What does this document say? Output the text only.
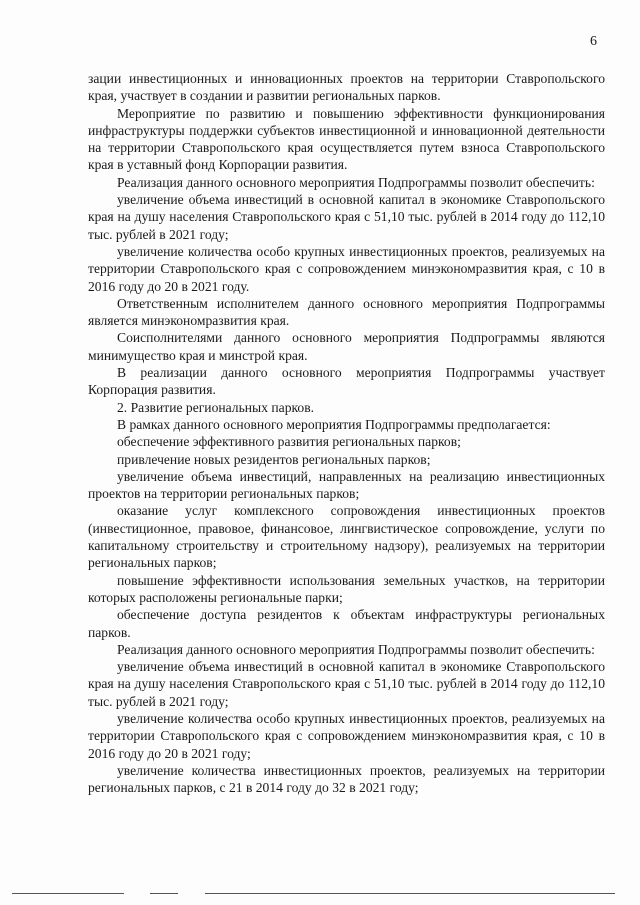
6

зации инвестиционных и инновационных проектов на территории Ставропольского края, участвует в создании и развитии региональных парков.

Мероприятие по развитию и повышению эффективности функционирования инфраструктуры поддержки субъектов инвестиционной и инновационной деятельности на территории Ставропольского края осуществляется путем взноса Ставропольского края в уставный фонд Корпорации развития.

Реализация данного основного мероприятия Подпрограммы позволит обеспечить:

увеличение объема инвестиций в основной капитал в экономике Ставропольского края на душу населения Ставропольского края с 51,10 тыс. рублей в 2014 году до 112,10 тыс. рублей в 2021 году;

увеличение количества особо крупных инвестиционных проектов, реализуемых на территории Ставропольского края с сопровождением минэкономразвития края, с 10 в 2016 году до 20 в 2021 году.

Ответственным исполнителем данного основного мероприятия Подпрограммы является минэкономразвития края.

Соисполнителями данного основного мероприятия Подпрограммы являются минимущество края и минстрой края.

В реализации данного основного мероприятия Подпрограммы участвует Корпорация развития.

2. Развитие региональных парков.

В рамках данного основного мероприятия Подпрограммы предполагается:

обеспечение эффективного развития региональных парков;

привлечение новых резидентов региональных парков;

увеличение объема инвестиций, направленных на реализацию инвестиционных проектов на территории региональных парков;

оказание услуг комплексного сопровождения инвестиционных проектов (инвестиционное, правовое, финансовое, лингвистическое сопровождение, услуги по капитальному строительству и строительному надзору), реализуемых на территории региональных парков;

повышение эффективности использования земельных участков, на территории которых расположены региональные парки;

обеспечение доступа резидентов к объектам инфраструктуры региональных парков.

Реализация данного основного мероприятия Подпрограммы позволит обеспечить:

увеличение объема инвестиций в основной капитал в экономике Ставропольского края на душу населения Ставропольского края с 51,10 тыс. рублей в 2014 году до 112,10 тыс. рублей в 2021 году;

увеличение количества особо крупных инвестиционных проектов, реализуемых на территории Ставропольского края с сопровождением минэкономразвития края, с 10 в 2016 году до 20 в 2021 году;

увеличение количества инвестиционных проектов, реализуемых на территории региональных парков, с 21 в 2014 году до 32 в 2021 году;
